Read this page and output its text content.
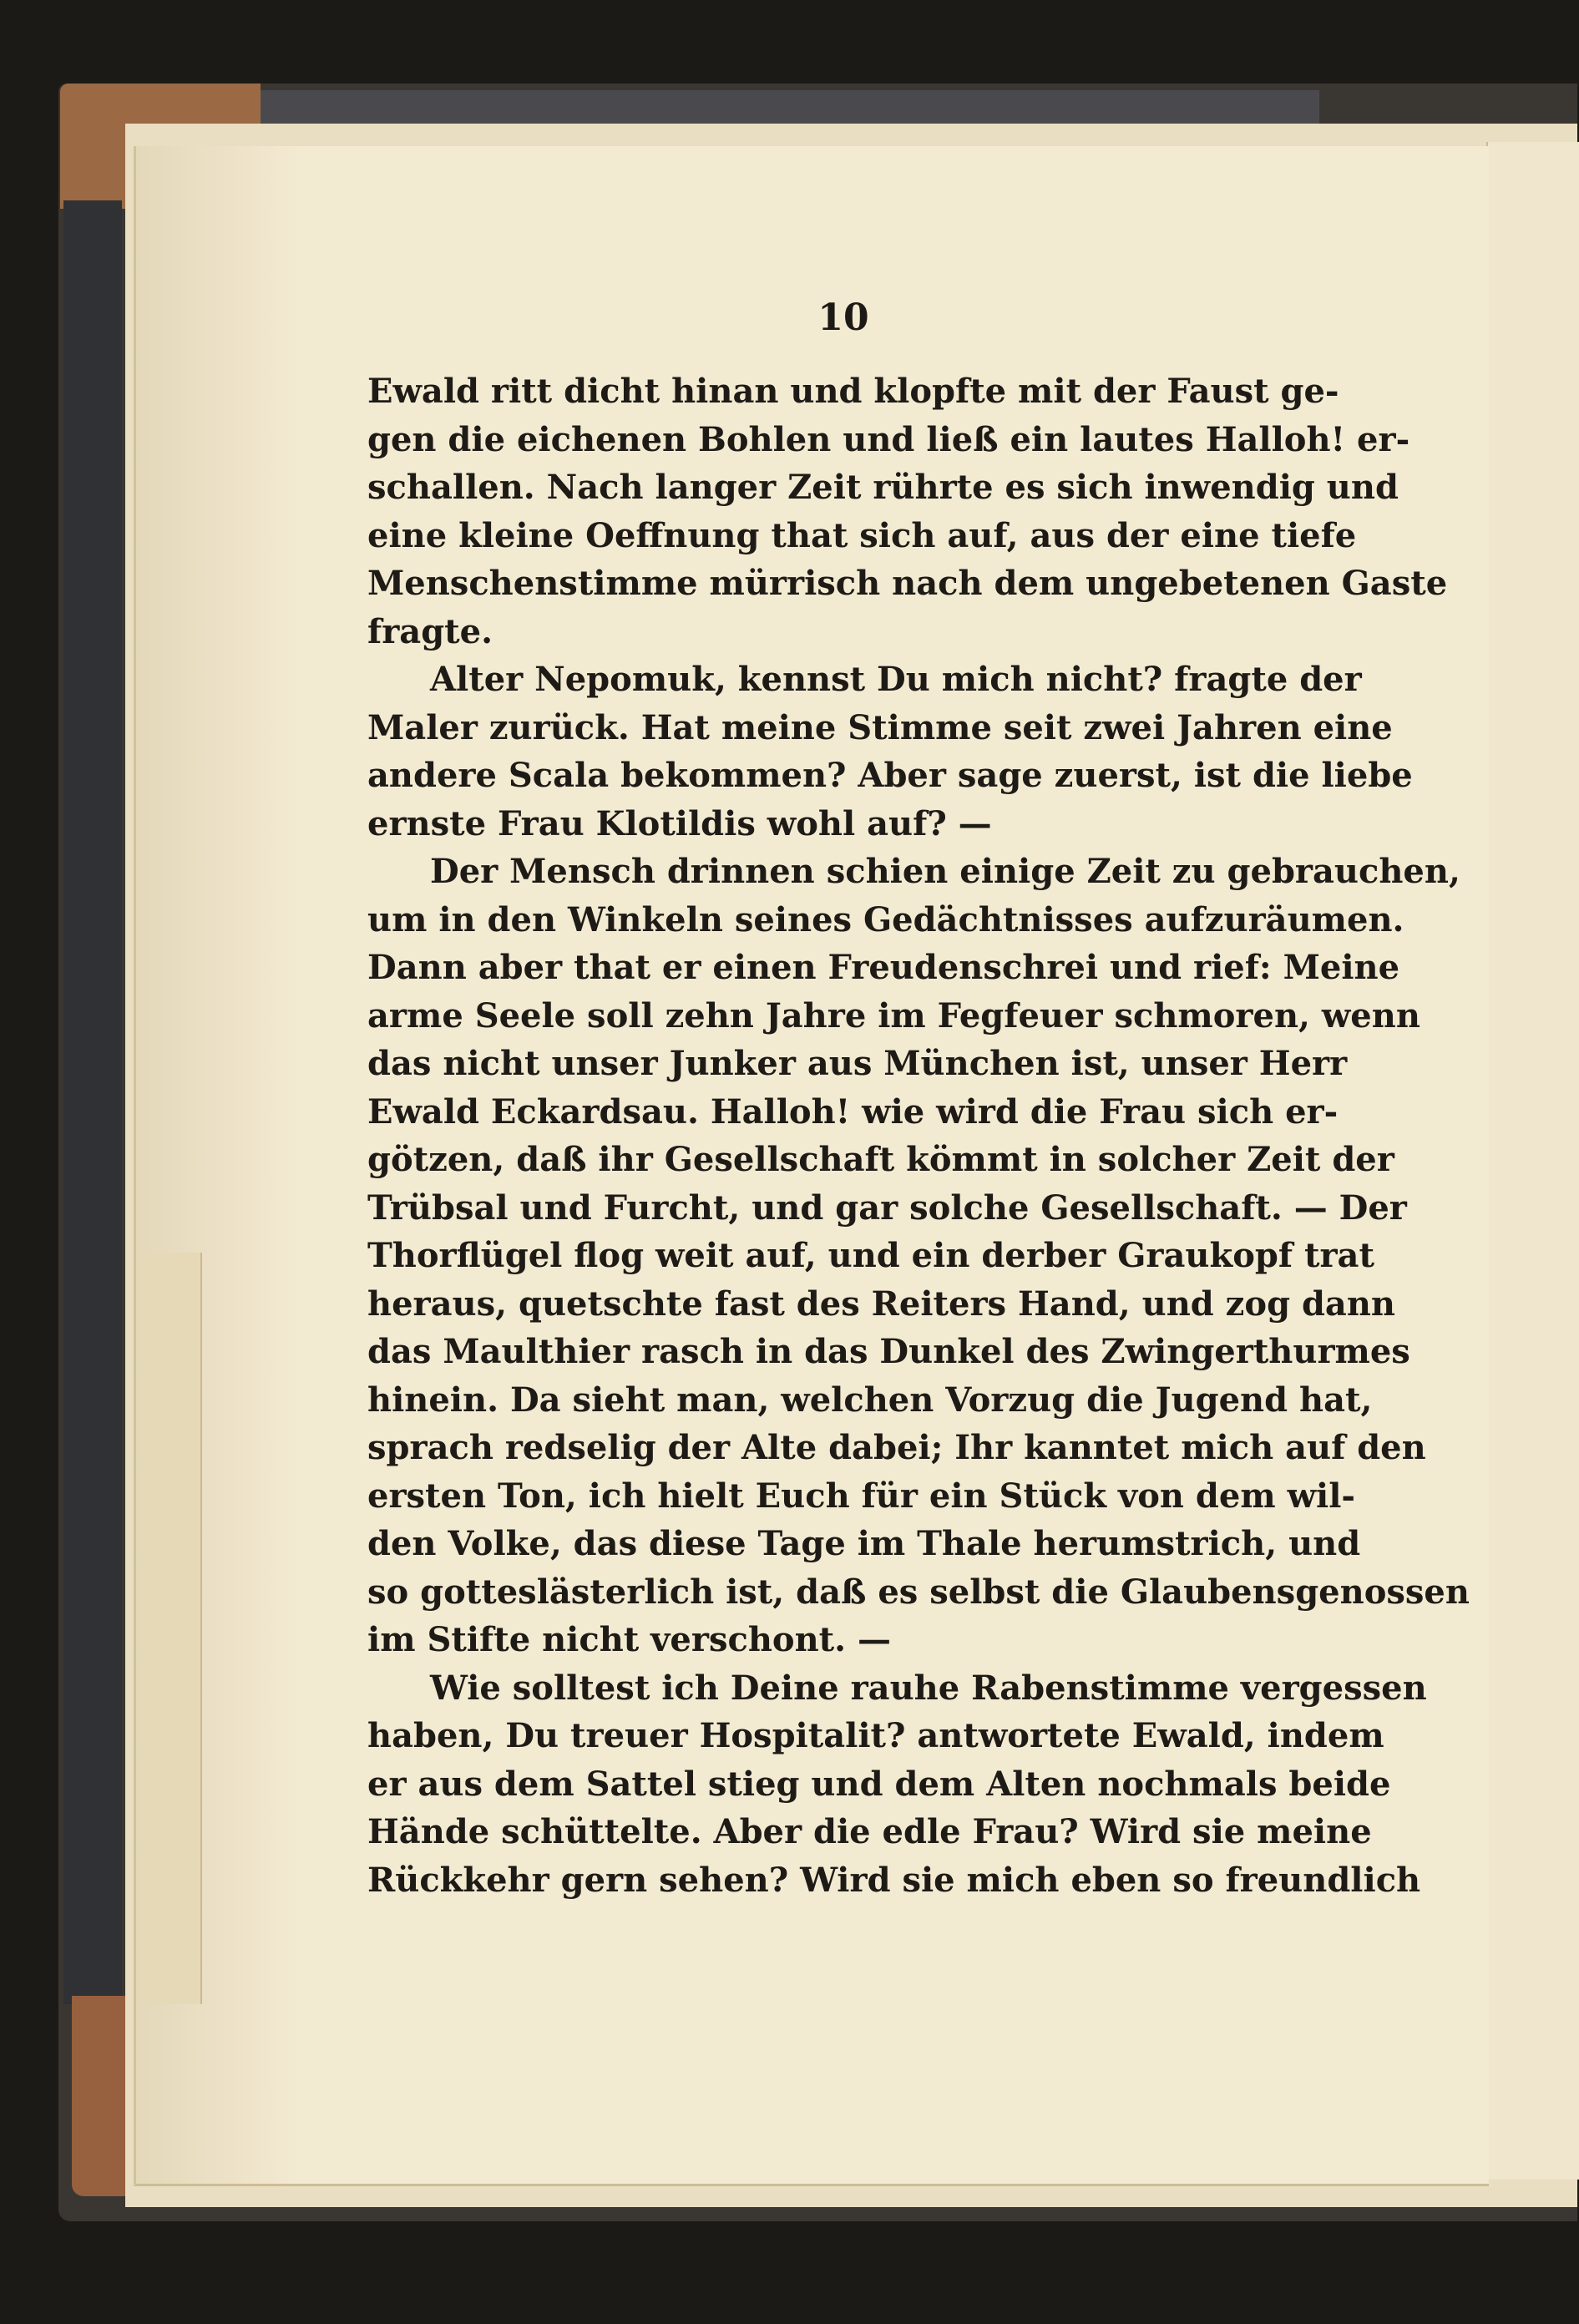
10
Ewald ritt dicht hinan und klopfte mit der Faust ge-
gen die eichenen Bohlen und ließ ein lautes Halloh! er-
schallen. Nach langer Zeit rührte es sich inwendig und
eine kleine Oeffnung that sich auf, aus der eine tiefe
Menschenstimme mürrisch nach dem ungebetenen Gaste
fragte.
Alter Nepomuk, kennst Du mich nicht? fragte der
Maler zurück. Hat meine Stimme seit zwei Jahren eine
andere Scala bekommen? Aber sage zuerst, ist die liebe
ernste Frau Klotildis wohl auf? —
Der Mensch drinnen schien einige Zeit zu gebrauchen,
um in den Winkeln seines Gedächtnisses aufzuräumen.
Dann aber that er einen Freudenschrei und rief: Meine
arme Seele soll zehn Jahre im Fegfeuer schmoren, wenn
das nicht unser Junker aus München ist, unser Herr
Ewald Eckardsau. Halloh! wie wird die Frau sich er-
götzen, daß ihr Gesellschaft kömmt in solcher Zeit der
Trübsal und Furcht, und gar solche Gesellschaft. — Der
Thorflügel flog weit auf, und ein derber Graukopf trat
heraus, quetschte fast des Reiters Hand, und zog dann
das Maulthier rasch in das Dunkel des Zwingerthurmes
hinein. Da sieht man, welchen Vorzug die Jugend hat,
sprach redselig der Alte dabei; Ihr kanntet mich auf den
ersten Ton, ich hielt Euch für ein Stück von dem wil-
den Volke, das diese Tage im Thale herumstrich, und
so gotteslästerlich ist, daß es selbst die Glaubensgenossen
im Stifte nicht verschont. —
Wie solltest ich Deine rauhe Rabenstimme vergessen
haben, Du treuer Hospitalit? antwortete Ewald, indem
er aus dem Sattel stieg und dem Alten nochmals beide
Hände schüttelte. Aber die edle Frau? Wird sie meine
Rückkehr gern sehen? Wird sie mich eben so freundlich
